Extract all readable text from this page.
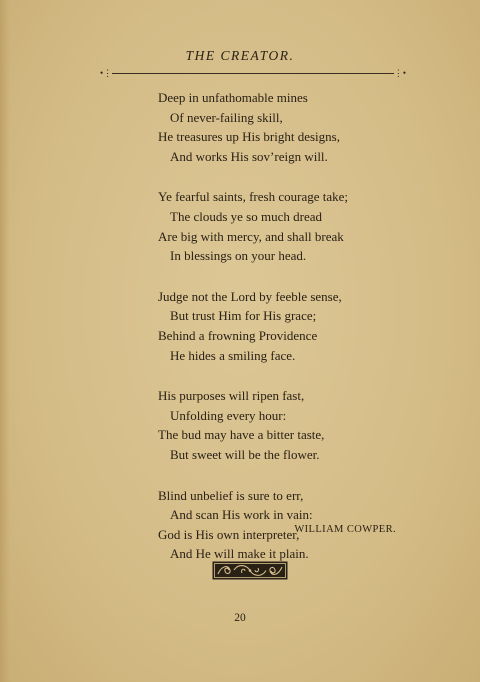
THE CREATOR.
•⋮	⋮•
Deep in unfathomable mines
Of never-failing skill,
He treasures up His bright designs,
And works His sov’reign will.
Ye fearful saints, fresh courage take;
The clouds ye so much dread
Are big with mercy, and shall break
In blessings on your head.
Judge not the Lord by feeble sense,
But trust Him for His grace;
Behind a frowning Providence
He hides a smiling face.
His purposes will ripen fast,
Unfolding every hour:
The bud may have a bitter taste,
But sweet will be the flower.
Blind unbelief is sure to err,
And scan His work in vain:
God is His own interpreter,
And He will make it plain.
WILLIAM COWPER.
20
